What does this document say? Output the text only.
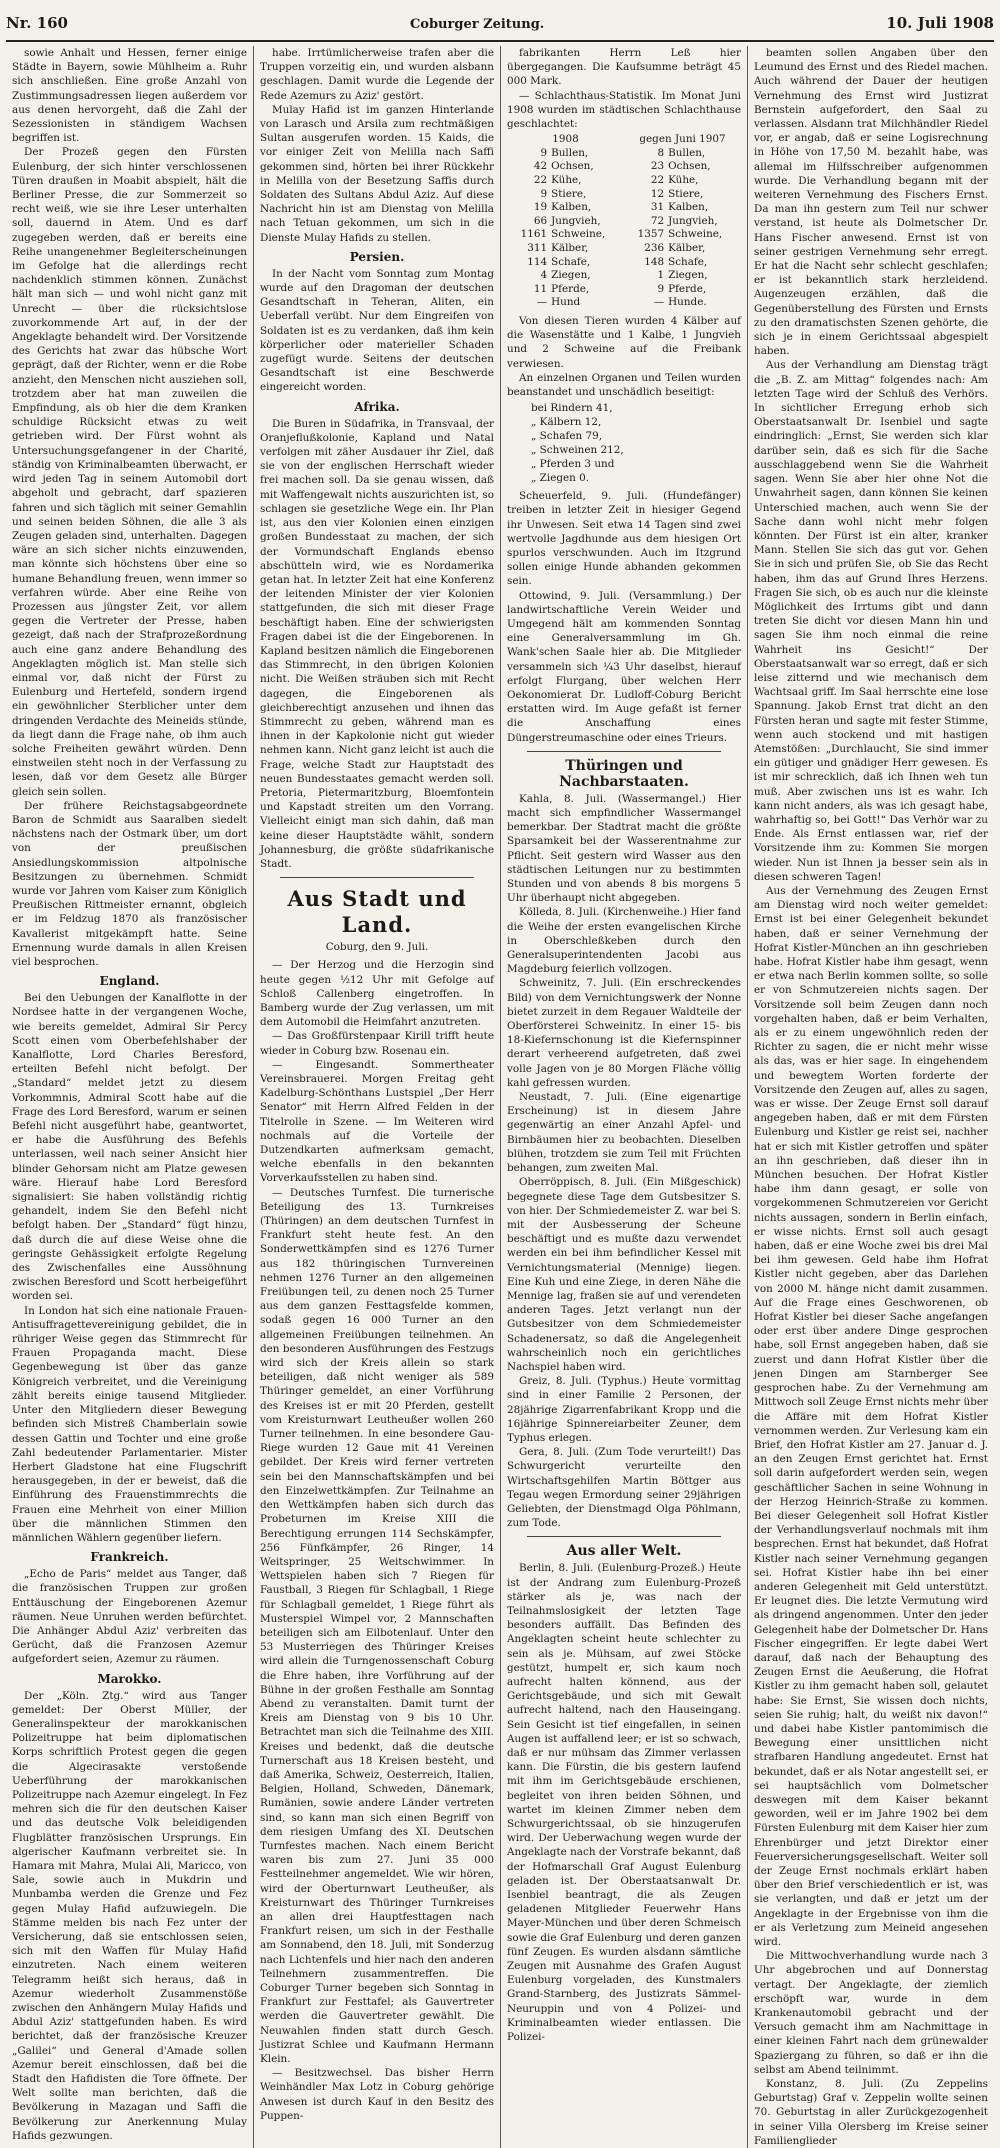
Nr. 160	Coburger Zeitung.	10. Juli 1908

sowie Anhalt und Hessen, ferner einige Städte in Bayern, sowie Mühlheim a. Ruhr sich anschließen. Eine große Anzahl von Zustimmungsadressen liegen außerdem vor aus denen hervorgeht, daß die Zahl der Sezessionisten in ständigem Wachsen begriffen ist.

Der Prozeß gegen den Fürsten Eulenburg, der sich hinter verschlossenen Türen draußen in Moabit abspielt, hält die Berliner Presse, die zur Sommerzeit so recht weiß, wie sie ihre Leser unterhalten soll, dauernd in Atem. Und es darf zugegeben werden, daß er bereits eine Reihe unangenehmer Begleiterscheinungen im Gefolge hat die allerdings recht nachdenklich stimmen können. Zunächst hält man sich — und wohl nicht ganz mit Unrecht — über die rücksichtslose zuvorkommende Art auf, in der der Angeklagte behandelt wird. Der Vorsitzende des Gerichts hat zwar das hübsche Wort geprägt, daß der Richter, wenn er die Robe anzieht, den Menschen nicht ausziehen soll, trotzdem aber hat man zuweilen die Empfindung, als ob hier die dem Kranken schuldige Rücksicht etwas zu weit getrieben wird. Der Fürst wohnt als Untersuchungsgefangener in der Charité, ständig von Kriminalbeamten überwacht, er wird jeden Tag in seinem Automobil dort abgeholt und gebracht, darf spazieren fahren und sich täglich mit seiner Gemahlin und seinen beiden Söhnen, die alle 3 als Zeugen geladen sind, unterhalten. Dagegen wäre an sich sicher nichts einzuwenden, man könnte sich höchstens über eine so humane Behandlung freuen, wenn immer so verfahren würde. Aber eine Reihe von Prozessen aus jüngster Zeit, vor allem gegen die Vertreter der Presse, haben gezeigt, daß nach der Strafprozeßordnung auch eine ganz andere Behandlung des Angeklagten möglich ist. Man stelle sich einmal vor, daß nicht der Fürst zu Eulenburg und Hertefeld, sondern irgend ein gewöhnlicher Sterblicher unter dem dringenden Verdachte des Meineids stünde, da liegt dann die Frage nahe, ob ihm auch solche Freiheiten gewährt würden. Denn einstweilen steht noch in der Verfassung zu lesen, daß vor dem Gesetz alle Bürger gleich sein sollen.

Der frühere Reichstagsabgeordnete Baron de Schmidt aus Saaralben siedelt nächstens nach der Ostmark über, um dort von der preußischen Ansiedlungskommission altpolnische Besitzungen zu übernehmen. Schmidt wurde vor Jahren vom Kaiser zum Königlich Preußischen Rittmeister ernannt, obgleich er im Feldzug 1870 als französischer Kavallerist mitgekämpft hatte. Seine Ernennung wurde damals in allen Kreisen viel besprochen.

England.

Bei den Uebungen der Kanalflotte in der Nordsee hatte in der vergangenen Woche, wie bereits gemeldet, Admiral Sir Percy Scott einen vom Oberbefehlshaber der Kanalflotte, Lord Charles Beresford, erteilten Befehl nicht befolgt. Der „Standard“ meldet jetzt zu diesem Vorkommnis, Admiral Scott habe auf die Frage des Lord Beresford, warum er seinen Befehl nicht ausgeführt habe, geantwortet, er habe die Ausführung des Befehls unterlassen, weil nach seiner Ansicht hier blinder Gehorsam nicht am Platze gewesen wäre. Hierauf habe Lord Beresford signalisiert: Sie haben vollständig richtig gehandelt, indem Sie den Befehl nicht befolgt haben. Der „Standard“ fügt hinzu, daß durch die auf diese Weise ohne die geringste Gehässigkeit erfolgte Regelung des Zwischenfalles eine Aussöhnung zwischen Beresford und Scott herbeigeführt worden sei.

In London hat sich eine nationale Frauen-Antisuffragettevereinigung gebildet, die in rühriger Weise gegen das Stimmrecht für Frauen Propaganda macht. Diese Gegenbewegung ist über das ganze Königreich verbreitet, und die Vereinigung zählt bereits einige tausend Mitglieder. Unter den Mitgliedern dieser Bewegung befinden sich Mistreß Chamberlain sowie dessen Gattin und Tochter und eine große Zahl bedeutender Parlamentarier. Mister Herbert Gladstone hat eine Flugschrift herausgegeben, in der er beweist, daß die Einführung des Frauenstimmrechts die Frauen eine Mehrheit von einer Million über die männlichen Stimmen den männlichen Wählern gegenüber liefern.

Frankreich.

„Echo de Paris“ meldet aus Tanger, daß die französischen Truppen zur großen Enttäuschung der Eingeborenen Azemur räumen. Neue Unruhen werden befürchtet. Die Anhänger Abdul Aziz' verbreiten das Gerücht, daß die Franzosen Azemur aufgefordert seien, Azemur zu räumen.

Marokko.

Der „Köln. Ztg.“ wird aus Tanger gemeldet: Der Oberst Müller, der Generalinspekteur der marokkanischen Polizeitruppe hat beim diplomatischen Korps schriftlich Protest gegen die gegen die Algecirasakte verstoßende Ueberführung der marokkanischen Polizeitruppe nach Azemur eingelegt. In Fez mehren sich die für den deutschen Kaiser und das deutsche Volk beleidigenden Flugblätter französischen Ursprungs. Ein algerischer Kaufmann verbreitet sie. In Hamara mit Mahra, Mulai Ali, Maricco, von Sale, sowie auch in Mukdrin und Munbamba werden die Grenze und Fez gegen Mulay Hafid aufzuwiegeln. Die Stämme melden bis nach Fez unter der Versicherung, daß sie entschlossen seien, sich mit den Waffen für Mulay Hafid einzutreten. Nach einem weiteren Telegramm heißt sich heraus, daß in Azemur wiederholt Zusammenstöße zwischen den Anhängern Mulay Hafids und Abdul Aziz' stattgefunden haben. Es wird berichtet, daß der französische Kreuzer „Galilei“ und General d'Amade sollen Azemur bereit einschlossen, daß bei die Stadt den Hafidisten die Tore öffnete. Der Welt sollte man berichten, daß die Bevölkerung in Mazagan und Saffi die Bevölkerung zur Anerkennung Mulay Hafids gezwungen.

habe. Irrtümlicherweise trafen aber die Truppen vorzeitig ein, und wurden alsbann geschlagen. Damit wurde die Legende der Rede Azemurs zu Aziz' gestört.

Mulay Hafid ist im ganzen Hinterlande von Larasch und Arsila zum rechtmäßigen Sultan ausgerufen worden. 15 Kaids, die vor einiger Zeit von Melilla nach Saffi gekommen sind, hörten bei ihrer Rückkehr in Melilla von der Besetzung Saffis durch Soldaten des Sultans Abdul Aziz. Auf diese Nachricht hin ist am Dienstag von Melilla nach Tetuan gekommen, um sich in die Dienste Mulay Hafids zu stellen.

Persien.

In der Nacht vom Sonntag zum Montag wurde auf den Dragoman der deutschen Gesandtschaft in Teheran, Aliten, ein Ueberfall verübt. Nur dem Eingreifen von Soldaten ist es zu verdanken, daß ihm kein körperlicher oder materieller Schaden zugefügt wurde. Seitens der deutschen Gesandtschaft ist eine Beschwerde eingereicht worden.

Afrika.

Die Buren in Südafrika, in Transvaal, der Oranjeflußkolonie, Kapland und Natal verfolgen mit zäher Ausdauer ihr Ziel, daß sie von der englischen Herrschaft wieder frei machen soll. Da sie genau wissen, daß mit Waffengewalt nichts auszurichten ist, so schlagen sie gesetzliche Wege ein. Ihr Plan ist, aus den vier Kolonien einen einzigen großen Bundesstaat zu machen, der sich der Vormundschaft Englands ebenso abschütteln wird, wie es Nordamerika getan hat. In letzter Zeit hat eine Konferenz der leitenden Minister der vier Kolonien stattgefunden, die sich mit dieser Frage beschäftigt haben. Eine der schwierigsten Fragen dabei ist die der Eingeborenen. In Kapland besitzen nämlich die Eingeborenen das Stimmrecht, in den übrigen Kolonien nicht. Die Weißen sträuben sich mit Recht dagegen, die Eingeborenen als gleichberechtigt anzusehen und ihnen das Stimmrecht zu geben, während man es ihnen in der Kapkolonie nicht gut wieder nehmen kann. Nicht ganz leicht ist auch die Frage, welche Stadt zur Hauptstadt des neuen Bundesstaates gemacht werden soll. Pretoria, Pietermaritzburg, Bloemfontein und Kapstadt streiten um den Vorrang. Vielleicht einigt man sich dahin, daß man keine dieser Hauptstädte wählt, sondern Johannesburg, die größte südafrikanische Stadt.

Aus Stadt und Land.
Coburg, den 9. Juli.

— Der Herzog und die Herzogin sind heute gegen ½12 Uhr mit Gefolge auf Schloß Callenberg eingetroffen. In Bamberg wurde der Zug verlassen, um mit dem Automobil die Heimfahrt anzutreten.

— Das Großfürstenpaar Kirill trifft heute wieder in Coburg bzw. Rosenau ein.

— Eingesandt. Sommertheater Vereinsbrauerei. Morgen Freitag geht Kadelburg-Schönthans Lustspiel „Der Herr Senator“ mit Herrn Alfred Felden in der Titelrolle in Szene. — Im Weiteren wird nochmals auf die Vorteile der Dutzendkarten aufmerksam gemacht, welche ebenfalls in den bekannten Vorverkaufsstellen zu haben sind.

— Deutsches Turnfest. Die turnerische Beteiligung des 13. Turnkreises (Thüringen) an dem deutschen Turnfest in Frankfurt steht heute fest. An den Sonderwettkämpfen sind es 1276 Turner aus 182 thüringischen Turnvereinen nehmen 1276 Turner an den allgemeinen Freiübungen teil, zu denen noch 25 Turner aus dem ganzen Festtagsfelde kommen, sodaß gegen 16 000 Turner an den allgemeinen Freiübungen teilnehmen. An den besonderen Ausführungen des Festzugs wird sich der Kreis allein so stark beteiligen, daß nicht weniger als 589 Thüringer gemeldet, an einer Vorführung des Kreises ist er mit 20 Pferden, gestellt vom Kreisturnwart Leutheußer wollen 260 Turner teilnehmen. In eine besondere Gau-Riege wurden 12 Gaue mit 41 Vereinen gebildet. Der Kreis wird ferner vertreten sein bei den Mannschaftskämpfen und bei den Einzelwettkämpfen. Zur Teilnahme an den Wettkämpfen haben sich durch das Probeturnen im Kreise XIII die Berechtigung errungen 114 Sechskämpfer, 256 Fünfkämpfer, 26 Ringer, 14 Weitspringer, 25 Weitschwimmer. In Wettspielen haben sich 7 Riegen für Faustball, 3 Riegen für Schlagball, 1 Riege für Schlagball gemeldet, 1 Riege führt als Musterspiel Wimpel vor, 2 Mannschaften beteiligen sich am Eilbotenlauf. Unter den 53 Musterriegen des Thüringer Kreises wird allein die Turngenossenschaft Coburg die Ehre haben, ihre Vorführung auf der Bühne in der großen Festhalle am Sonntag Abend zu veranstalten. Damit turnt der Kreis am Dienstag von 9 bis 10 Uhr. Betrachtet man sich die Teilnahme des XIII. Kreises und bedenkt, daß die deutsche Turnerschaft aus 18 Kreisen besteht, und daß Amerika, Schweiz, Oesterreich, Italien, Belgien, Holland, Schweden, Dänemark, Rumänien, sowie andere Länder vertreten sind, so kann man sich einen Begriff von dem riesigen Umfang des XI. Deutschen Turnfestes machen. Nach einem Bericht waren bis zum 27. Juni 35 000 Festteilnehmer angemeldet. Wie wir hören, wird der Oberturnwart Leutheußer, als Kreisturnwart des Thüringer Turnkreises an allen drei Hauptfesttagen nach Frankfurt reisen, um sich in der Festhalle am Sonnabend, den 18. Juli, mit Sonderzug nach Lichtenfels und hier nach den anderen Teilnehmern zusammentreffen. Die Coburger Turner begeben sich Sonntag in Frankfurt zur Festtafel; als Gauvertreter werden die Gauvertreter gewählt. Die Neuwahlen finden statt durch Gesch. Justizrat Schlee und Kaufmann Hermann Klein.

— Besitzwechsel. Das bisher Herrn Weinhändler Max Lotz in Coburg gehörige Anwesen ist durch Kauf in den Besitz des Puppen-

fabrikanten Herrn Leß hier übergegangen. Die Kaufsumme beträgt 45 000 Mark.

— Schlachthaus-Statistik. Im Monat Juni 1908 wurden im städtischen Schlachthause geschlachtet:

1908		gegen Juni 1907	
9	Bullen,	8	Bullen,
42	Ochsen,	23	Ochsen,
22	Kühe,	22	Kühe,
9	Stiere,	12	Stiere,
19	Kalben,	31	Kalben,
66	Jungvieh,	72	Jungvieh,
1161	Schweine,	1357	Schweine,
311	Kälber,	236	Kälber,
114	Schafe,	148	Schafe,
4	Ziegen,	1	Ziegen,
11	Pferde,	9	Pferde,
—	Hund	—	Hunde.

Von diesen Tieren wurden 4 Kälber auf die Wasenstätte und 1 Kalbe, 1 Jungvieh und 2 Schweine auf die Freibank verwiesen.

An einzelnen Organen und Teilen wurden beanstandet und unschädlich beseitigt:

bei Rindern 41,
„ Kälbern 12,
„ Schafen 79,
„ Schweinen 212,
„ Pferden 3 und
„ Ziegen 0.

Scheuerfeld, 9. Juli. (Hundefänger) treiben in letzter Zeit in hiesiger Gegend ihr Unwesen. Seit etwa 14 Tagen sind zwei wertvolle Jagdhunde aus dem hiesigen Ort spurlos verschwunden. Auch im Itzgrund sollen einige Hunde abhanden gekommen sein.

Ottowind, 9. Juli. (Versammlung.) Der landwirtschaftliche Verein Weider und Umgegend hält am kommenden Sonntag eine Generalversammlung im Gh. Wank'schen Saale hier ab. Die Mitglieder versammeln sich ¼3 Uhr daselbst, hierauf erfolgt Flurgang, über welchen Herr Oekonomierat Dr. Ludloff-Coburg Bericht erstatten wird. Im Auge gefaßt ist ferner die Anschaffung eines Düngerstreumaschine oder eines Trieurs.

Thüringen und Nachbarstaaten.

Kahla, 8. Juli. (Wassermangel.) Hier macht sich empfindlicher Wassermangel bemerkbar. Der Stadtrat macht die größte Sparsamkeit bei der Wasserentnahme zur Pflicht. Seit gestern wird Wasser aus den städtischen Leitungen nur zu bestimmten Stunden und von abends 8 bis morgens 5 Uhr überhaupt nicht abgegeben.

Kölleda, 8. Juli. (Kirchenweihe.) Hier fand die Weihe der ersten evangelischen Kirche in Oberschleßkeben durch den Generalsuperintendenten Jacobi aus Magdeburg feierlich vollzogen.

Schweinitz, 7. Juli. (Ein erschreckendes Bild) von dem Vernichtungswerk der Nonne bietet zurzeit in dem Regauer Waldteile der Oberförsterei Schweinitz. In einer 15- bis 18-Kiefernschonung ist die Kiefernspinner derart verheerend aufgetreten, daß zwei volle Jagen von je 80 Morgen Fläche völlig kahl gefressen wurden.

Neustadt, 7. Juli. (Eine eigenartige Erscheinung) ist in diesem Jahre gegenwärtig an einer Anzahl Apfel- und Birnbäumen hier zu beobachten. Dieselben blühen, trotzdem sie zum Teil mit Früchten behangen, zum zweiten Mal.

Oberröppisch, 8. Juli. (Ein Mißgeschick) begegnete diese Tage dem Gutsbesitzer S. von hier. Der Schmiedemeister Z. war bei S. mit der Ausbesserung der Scheune beschäftigt und es mußte dazu verwendet werden ein bei ihm befindlicher Kessel mit Vernichtungsmaterial (Mennige) liegen. Eine Kuh und eine Ziege, in deren Nähe die Mennige lag, fraßen sie auf und verendeten anderen Tages. Jetzt verlangt nun der Gutsbesitzer von dem Schmiedemeister Schadenersatz, so daß die Angelegenheit wahrscheinlich noch ein gerichtliches Nachspiel haben wird.

Greiz, 8. Juli. (Typhus.) Heute vormittag sind in einer Familie 2 Personen, der 28jährige Zigarrenfabrikant Kropp und die 16jährige Spinnereiarbeiter Zeuner, dem Typhus erlegen.

Gera, 8. Juli. (Zum Tode verurteilt!) Das Schwurgericht verurteilte den Wirtschaftsgehilfen Martin Böttger aus Tegau wegen Ermordung seiner 29jährigen Geliebten, der Dienstmagd Olga Pöhlmann, zum Tode.

Aus aller Welt.

Berlin, 8. Juli. (Eulenburg-Prozeß.) Heute ist der Andrang zum Eulenburg-Prozeß stärker als je, was nach der Teilnahmslosigkeit der letzten Tage besonders auffällt. Das Befinden des Angeklagten scheint heute schlechter zu sein als je. Mühsam, auf zwei Stöcke gestützt, humpelt er, sich kaum noch aufrecht halten könnend, aus der Gerichtsgebäude, und sich mit Gewalt aufrecht haltend, nach den Hauseingang. Sein Gesicht ist tief eingefallen, in seinen Augen ist auffallend leer; er ist so schwach, daß er nur mühsam das Zimmer verlassen kann. Die Fürstin, die bis gestern laufend mit ihm im Gerichtsgebäude erschienen, begleitet von ihren beiden Söhnen, und wartet im kleinen Zimmer neben dem Schwurgerichtssaal, ob sie hinzugerufen wird. Der Ueberwachung wegen wurde der Angeklagte nach der Vorstrafe bekannt, daß der Hofmarschall Graf August Eulenburg geladen ist. Der Oberstaatsanwalt Dr. Isenbiel beantragt, die als Zeugen geladenen Mitglieder Feuerwehr Hans Mayer-München und über deren Schmeisch sowie die Graf Eulenburg und deren ganzen fünf Zeugen. Es wurden alsdann sämtliche Zeugen mit Ausnahme des Grafen August Eulenburg vorgeladen, des Kunstmalers Grand-Starnberg, des Justizrats Sämmel-Neuruppin und von 4 Polizei- und Kriminalbeamten wieder entlassen. Die Polizei-

beamten sollen Angaben über den Leumund des Ernst und des Riedel machen. Auch während der Dauer der heutigen Vernehmung des Ernst wird Justizrat Bernstein aufgefordert, den Saal zu verlassen. Alsdann trat Milchhändler Riedel vor, er angab, daß er seine Logisrechnung in Höhe von 17,50 M. bezahlt habe, was allemal im Hilfsschreiber aufgenommen wurde. Die Verhandlung begann mit der weiteren Vernehmung des Fischers Ernst. Da man ihn gestern zum Teil nur schwer verstand, ist heute als Dolmetscher Dr. Hans Fischer anwesend. Ernst ist von seiner gestrigen Vernehmung sehr erregt. Er hat die Nacht sehr schlecht geschlafen; er ist bekanntlich stark herzleidend. Augenzeugen erzählen, daß die Gegenüberstellung des Fürsten und Ernsts zu den dramatischsten Szenen gehörte, die sich je in einem Gerichtssaal abgespielt haben.

Aus der Verhandlung am Dienstag trägt die „B. Z. am Mittag“ folgendes nach: Am letzten Tage wird der Schluß des Verhörs. In sichtlicher Erregung erhob sich Oberstaatsanwalt Dr. Isenbiel und sagte eindringlich: „Ernst, Sie werden sich klar darüber sein, daß es sich für die Sache ausschlaggebend wenn Sie die Wahrheit sagen. Wenn Sie aber hier ohne Not die Unwahrheit sagen, dann können Sie keinen Unterschied machen, auch wenn Sie der Sache dann wohl nicht mehr folgen könnten. Der Fürst ist ein alter, kranker Mann. Stellen Sie sich das gut vor. Gehen Sie in sich und prüfen Sie, ob Sie das Recht haben, ihm das auf Grund Ihres Herzens. Fragen Sie sich, ob es auch nur die kleinste Möglichkeit des Irrtums gibt und dann treten Sie dicht vor diesen Mann hin und sagen Sie ihm noch einmal die reine Wahrheit ins Gesicht!“ Der Oberstaatsanwalt war so erregt, daß er sich leise zitternd und wie mechanisch dem Wachtsaal griff. Im Saal herrschte eine lose Spannung. Jakob Ernst trat dicht an den Fürsten heran und sagte mit fester Stimme, wenn auch stockend und mit hastigen Atemstößen: „Durchlaucht, Sie sind immer ein gütiger und gnädiger Herr gewesen. Es ist mir schrecklich, daß ich Ihnen weh tun muß. Aber zwischen uns ist es wahr. Ich kann nicht anders, als was ich gesagt habe, wahrhaftig so, bei Gott!“ Das Verhör war zu Ende. Als Ernst entlassen war, rief der Vorsitzende ihm zu: Kommen Sie morgen wieder. Nun ist Ihnen ja besser sein als in diesen schweren Tagen!

Aus der Vernehmung des Zeugen Ernst am Dienstag wird noch weiter gemeldet: Ernst ist bei einer Gelegenheit bekundet haben, daß er seiner Vernehmung der Hofrat Kistler-München an ihn geschrieben habe. Hofrat Kistler habe ihm gesagt, wenn er etwa nach Berlin kommen sollte, so solle er von Schmutzereien nichts sagen. Der Vorsitzende soll beim Zeugen dann noch vorgehalten haben, daß er beim Verhalten, als er zu einem ungewöhnlich reden der Richter zu sagen, die er nicht mehr wisse als das, was er hier sage. In eingehendem und bewegtem Worten forderte der Vorsitzende den Zeugen auf, alles zu sagen, was er wisse. Der Zeuge Ernst soll darauf angegeben haben, daß er mit dem Fürsten Eulenburg und Kistler ge reist sei, nachher hat er sich mit Kistler getroffen und später an ihn geschrieben, daß dieser ihn in München besuchen. Der Hofrat Kistler habe ihm dann gesagt, er solle von vorgekommenen Schmutzereien vor Gericht nichts aussagen, sondern in Berlin einfach, er wisse nichts. Ernst soll auch gesagt haben, daß er eine Woche zwei bis drei Mal bei ihm gewesen. Geld habe ihm Hofrat Kistler nicht gegeben, aber das Darlehen von 2000 M. hänge nicht damit zusammen. Auf die Frage eines Geschworenen, ob Hofrat Kistler bei dieser Sache angefangen oder erst über andere Dinge gesprochen habe, soll Ernst angegeben haben, daß sie zuerst und dann Hofrat Kistler über die jenen Dingen am Starnberger See gesprochen habe. Zu der Vernehmung am Mittwoch soll Zeuge Ernst nichts mehr über die Affäre mit dem Hofrat Kistler vernommen werden. Zur Verlesung kam ein Brief, den Hofrat Kistler am 27. Januar d. J. an den Zeugen Ernst gerichtet hat. Ernst soll darin aufgefordert werden sein, wegen geschäftlicher Sachen in seine Wohnung in der Herzog Heinrich-Straße zu kommen. Bei dieser Gelegenheit soll Hofrat Kistler der Verhandlungsverlauf nochmals mit ihm besprechen. Ernst hat bekundet, daß Hofrat Kistler nach seiner Vernehmung gegangen sei. Hofrat Kistler habe ihn bei einer anderen Gelegenheit mit Geld unterstützt. Er leugnet dies. Die letzte Vermutung wird als dringend angenommen. Unter den jeder Gelegenheit habe der Dolmetscher Dr. Hans Fischer eingegriffen. Er legte dabei Wert darauf, daß nach der Behauptung des Zeugen Ernst die Aeußerung, die Hofrat Kistler zu ihm gemacht haben soll, gelautet habe: Sie Ernst, Sie wissen doch nichts, seien Sie ruhig; halt, du weißt nix davon!“ und dabei habe Kistler pantomimisch die Bewegung einer unsittlichen nicht strafbaren Handlung angedeutet. Ernst hat bekundet, daß er als Notar angestellt sei, er sei hauptsächlich vom Dolmetscher deswegen mit dem Kaiser bekannt geworden, weil er im Jahre 1902 bei dem Fürsten Eulenburg mit dem Kaiser hier zum Ehrenbürger und jetzt Direktor einer Feuerversicherungsgesellschaft. Weiter soll der Zeuge Ernst nochmals erklärt haben über den Brief verschiedentlich er ist, was sie verlangten, und daß er jetzt um der Angeklagte in der Ergebnisse von ihm die er als Verletzung zum Meineid angesehen wird.

Die Mittwochverhandlung wurde nach 3 Uhr abgebrochen und auf Donnerstag vertagt. Der Angeklagte, der ziemlich erschöpft war, wurde in dem Krankenautomobil gebracht und der Versuch gemacht ihm am Nachmittage in einer kleinen Fahrt nach dem grünewalder Spaziergang zu führen, so daß er ihn die selbst am Abend teilnimmt.

Konstanz, 8. Juli. (Zu Zeppelins Geburtstag) Graf v. Zeppelin wollte seinen 70. Geburtstag in aller Zurückgezogenheit in seiner Villa Olersberg im Kreise seiner Familienglieder
